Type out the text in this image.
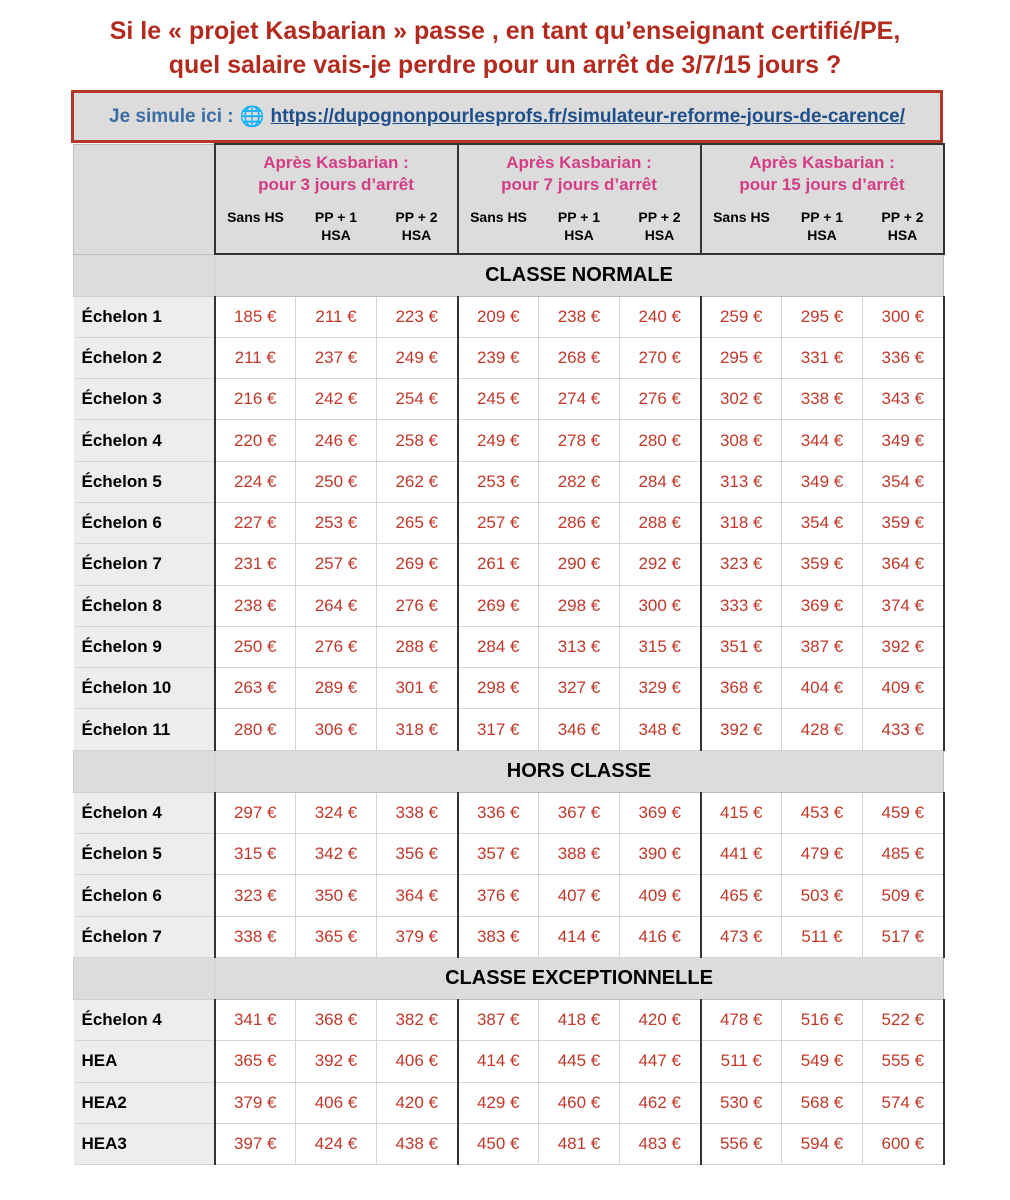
Si le « projet Kasbarian » passe , en tant qu’enseignant certifié/PE,
quel salaire vais-je perdre pour un arrêt de 3/7/15 jours ?
Je simule ici : 🌐 https://dupognonpourlesprofs.fr/simulateur-reforme-jours-de-carence/
	Après Kasbarian :
pour 3 jours d’arrêt			Après Kasbarian :
pour 7 jours d’arrêt			Après Kasbarian :
pour 15 jours d’arrêt		
	Sans HS	PP + 1
HSA	PP + 2
HSA	Sans HS	PP + 1
HSA	PP + 2
HSA	Sans HS	PP + 1
HSA	PP + 2
HSA
	CLASSE NORMALE								
Échelon 1	185 €	211 €	223 €	209 €	238 €	240 €	259 €	295 €	300 €
Échelon 2	211 €	237 €	249 €	239 €	268 €	270 €	295 €	331 €	336 €
Échelon 3	216 €	242 €	254 €	245 €	274 €	276 €	302 €	338 €	343 €
Échelon 4	220 €	246 €	258 €	249 €	278 €	280 €	308 €	344 €	349 €
Échelon 5	224 €	250 €	262 €	253 €	282 €	284 €	313 €	349 €	354 €
Échelon 6	227 €	253 €	265 €	257 €	286 €	288 €	318 €	354 €	359 €
Échelon 7	231 €	257 €	269 €	261 €	290 €	292 €	323 €	359 €	364 €
Échelon 8	238 €	264 €	276 €	269 €	298 €	300 €	333 €	369 €	374 €
Échelon 9	250 €	276 €	288 €	284 €	313 €	315 €	351 €	387 €	392 €
Échelon 10	263 €	289 €	301 €	298 €	327 €	329 €	368 €	404 €	409 €
Échelon 11	280 €	306 €	318 €	317 €	346 €	348 €	392 €	428 €	433 €
	HORS CLASSE								
Échelon 4	297 €	324 €	338 €	336 €	367 €	369 €	415 €	453 €	459 €
Échelon 5	315 €	342 €	356 €	357 €	388 €	390 €	441 €	479 €	485 €
Échelon 6	323 €	350 €	364 €	376 €	407 €	409 €	465 €	503 €	509 €
Échelon 7	338 €	365 €	379 €	383 €	414 €	416 €	473 €	511 €	517 €
	CLASSE EXCEPTIONNELLE								
Échelon 4	341 €	368 €	382 €	387 €	418 €	420 €	478 €	516 €	522 €
HEA	365 €	392 €	406 €	414 €	445 €	447 €	511 €	549 €	555 €
HEA2	379 €	406 €	420 €	429 €	460 €	462 €	530 €	568 €	574 €
HEA3	397 €	424 €	438 €	450 €	481 €	483 €	556 €	594 €	600 €
